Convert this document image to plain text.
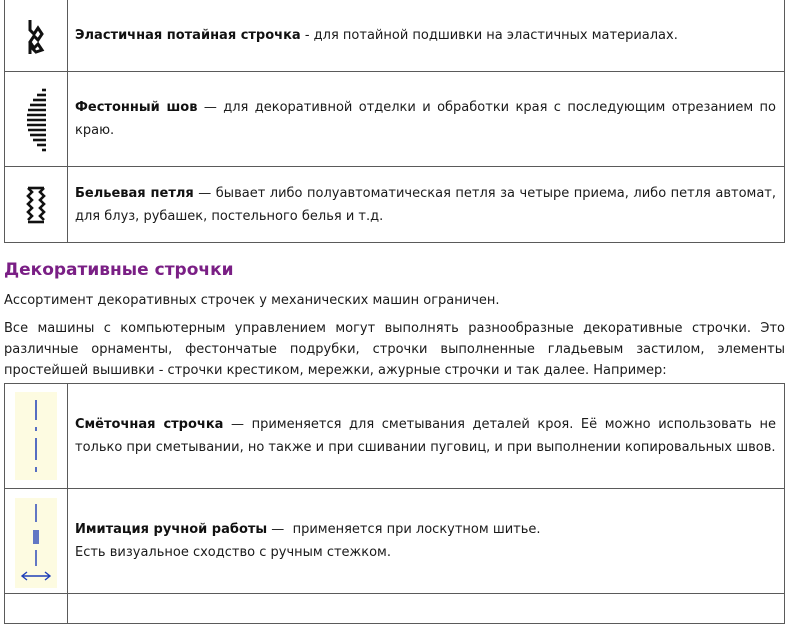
	Эластичная потайная строчка - для потайной подшивки на эластичных материалах.

	Фестонный шов — для декоративной отделки и обработки края с последующим отрезанием по краю.

	Бельевая петля — бывает либо полуавтоматическая петля за четыре приема, либо петля автомат, для блуз, рубашек, постельного белья и т.д.
Декоративные строчки

Ассортимент декоративных строчек у механических машин ограничен.

Все машины с компьютерным управлением могут выполнять разнообразные декоративные строчки. Это различные орнаменты, фестончатые подрубки, строчки выполненные гладьевым застилом, элементы простейшей вышивки - строчки крестиком, мережки, ажурные строчки и так далее. Например:

	Смёточная строчка — применяется для сметывания деталей кроя. Её можно использовать не только при сметывании, но также и при сшивании пуговиц, и при выполнении копировальных швов.

	Имитация ручной работы —  применяется при лоскутном шитье.
Есть визуальное сходство с ручным стежком.
